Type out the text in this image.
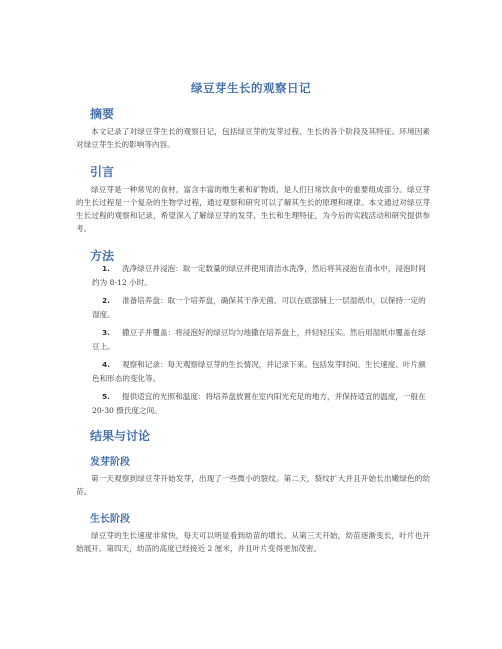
绿豆芽生长的观察日记
摘要
本文记录了对绿豆芽生长的观察日记，包括绿豆芽的发芽过程、生长的各个阶段及其特征、环境因素对绿豆芽生长的影响等内容。
引言
绿豆芽是一种常见的食材，富含丰富的维生素和矿物质，是人们日常饮食中的重要组成部分。绿豆芽的生长过程是一个复杂的生物学过程，通过观察和研究可以了解其生长的原理和规律。本文通过对绿豆芽生长过程的观察和记录，希望深入了解绿豆芽的发芽、生长和生理特征，为今后的实践活动和研究提供参考。
方法
1. 洗净绿豆并浸泡：取一定数量的绿豆并使用清洁水洗净，然后将其浸泡在清水中，浸泡时间约为 8-12 小时。
2. 准备培养盘：取一个培养盘，确保其干净无菌。可以在底部铺上一层湿纸巾，以保持一定的湿度。
3. 撒豆子并覆盖：将浸泡好的绿豆均匀地撒在培养盘上，并轻轻压实。然后用湿纸巾覆盖在绿豆上。
4. 观察和记录：每天观察绿豆芽的生长情况，并记录下来。包括发芽时间、生长速度、叶片颜色和形态的变化等。
5. 提供适宜的光照和温度：将培养盘放置在室内阳光充足的地方，并保持适宜的温度，一般在 20-30 摄氏度之间。
结果与讨论
发芽阶段
第一天观察到绿豆芽开始发芽，出现了一些微小的裂纹。第二天，裂纹扩大并且开始长出嫩绿色的幼苗。
生长阶段
绿豆芽的生长速度非常快，每天可以明显看到幼苗的增长。从第三天开始，幼苗逐渐变长，叶片也开始展开。第四天，幼苗的高度已经接近 2 厘米，并且叶片变得更加茂密。
